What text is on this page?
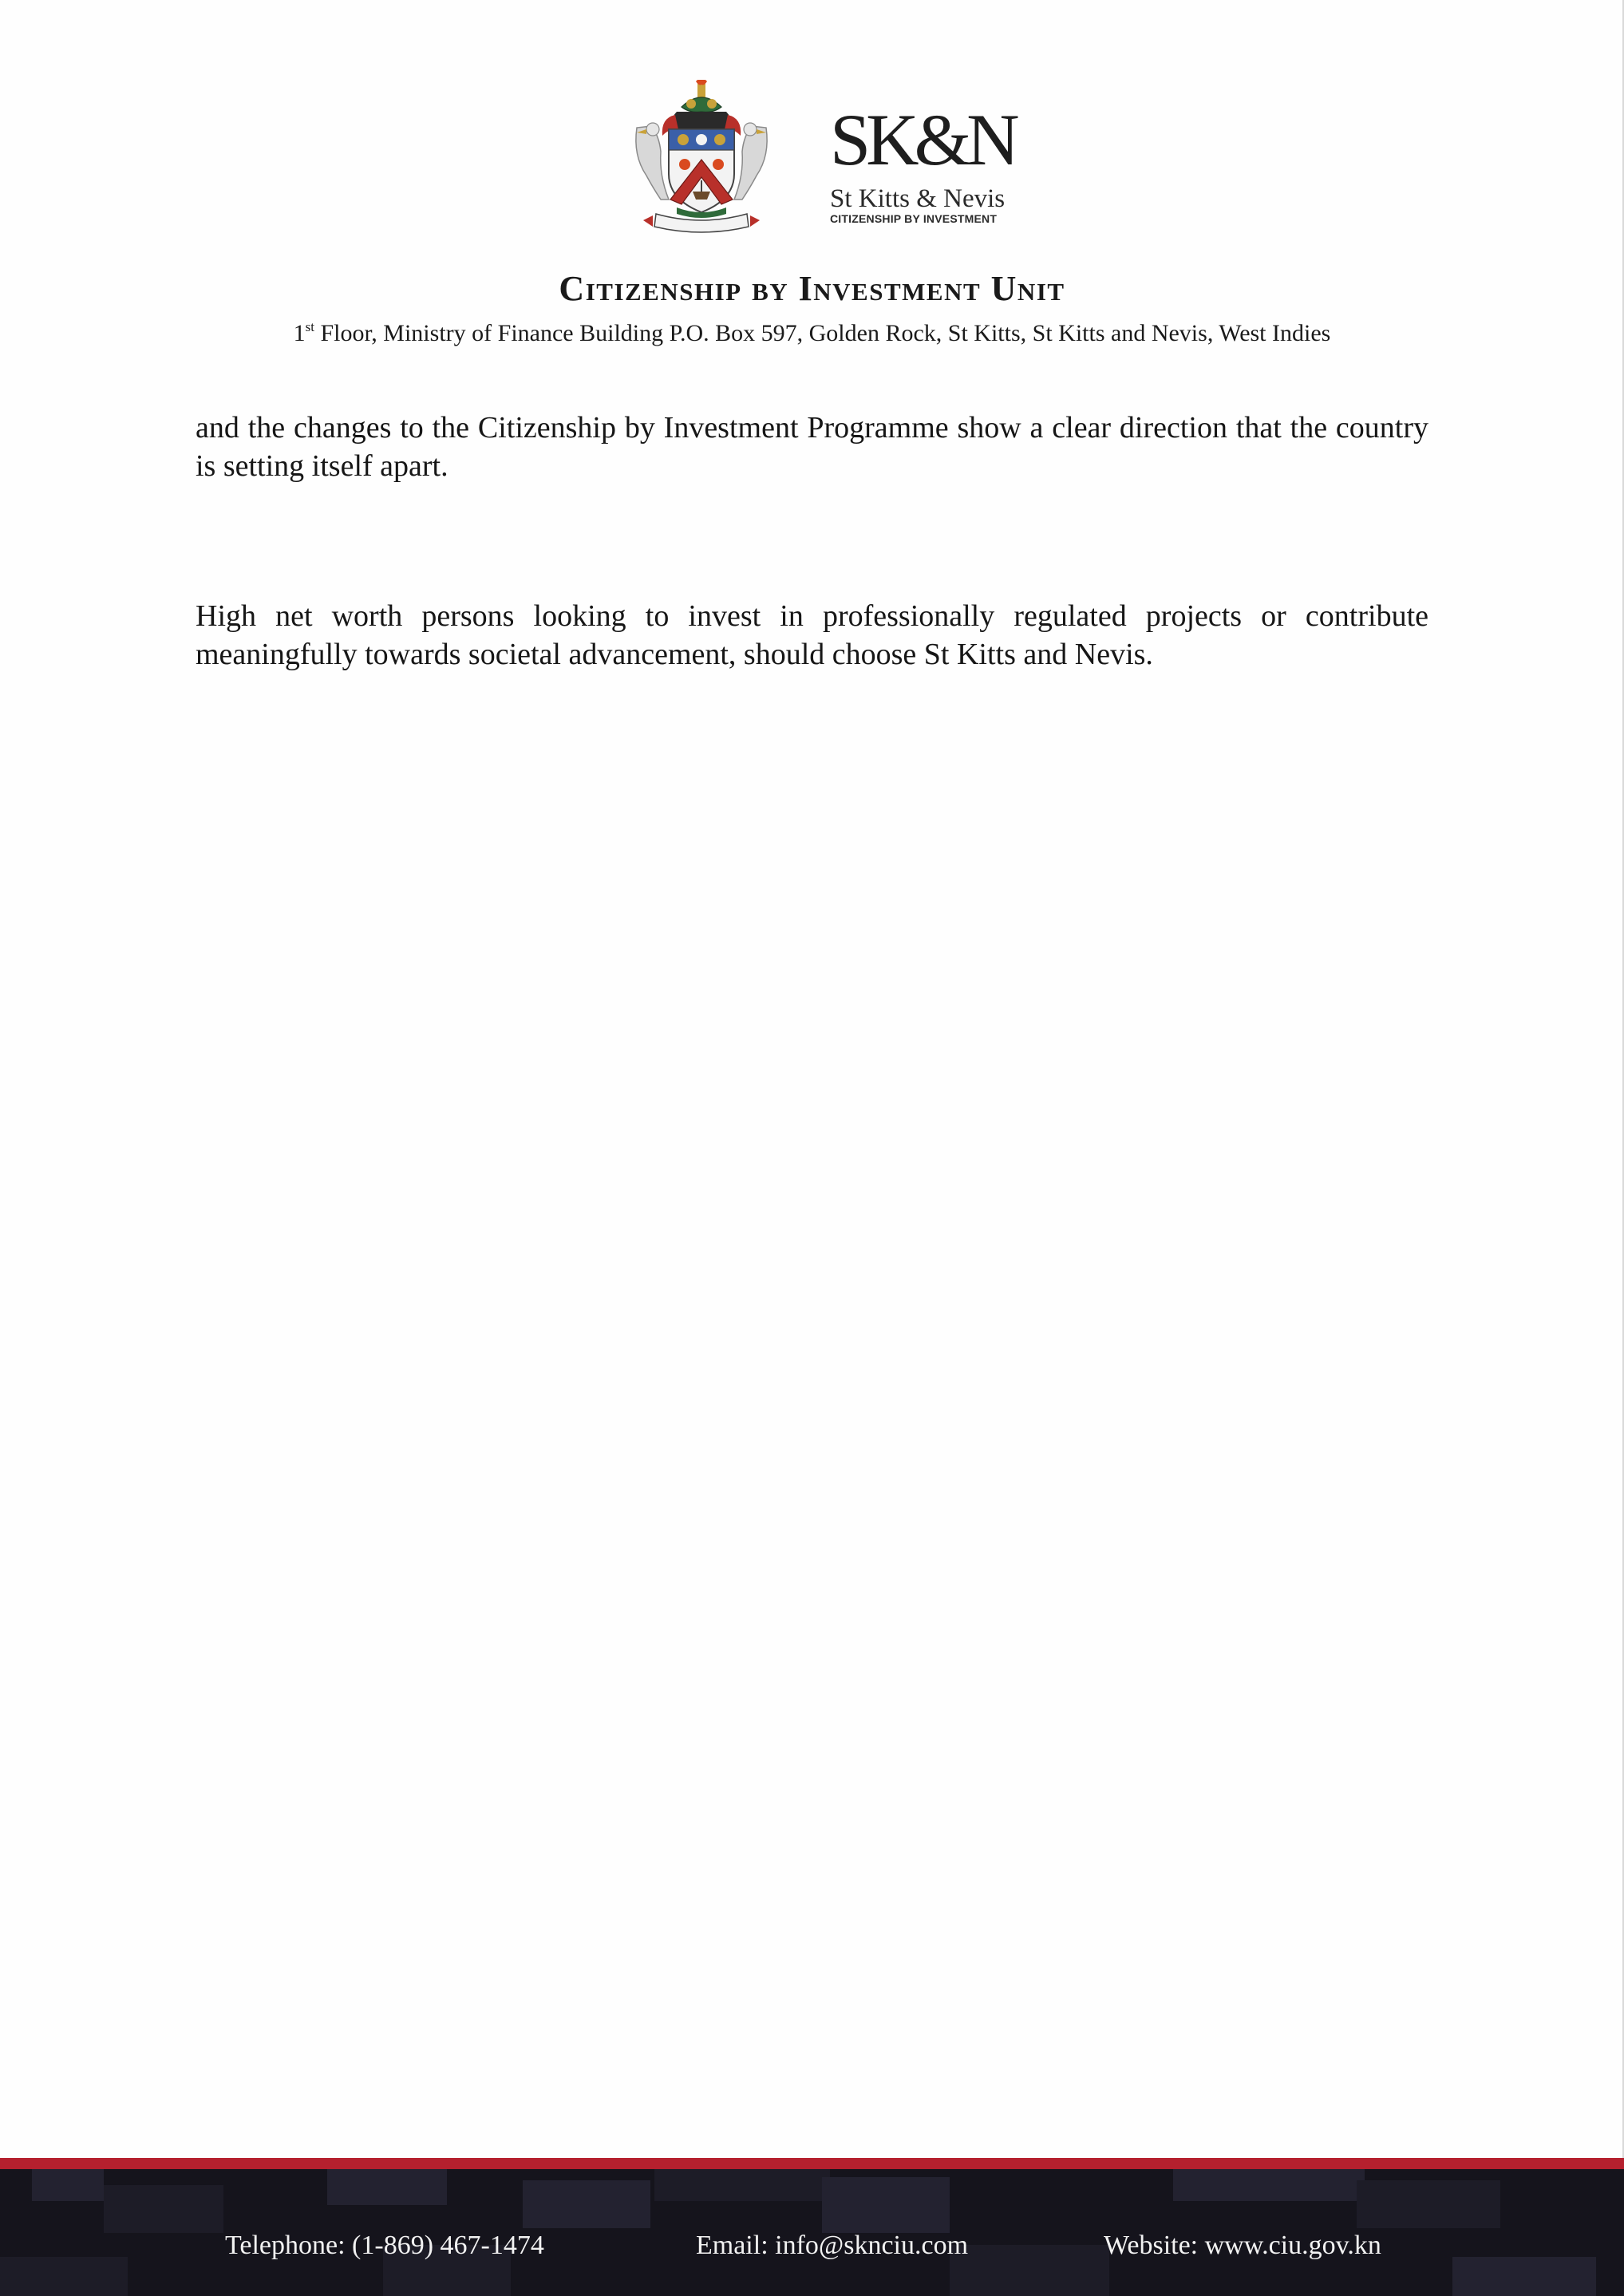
SK&N
St Kitts & Nevis
CITIZENSHIP BY INVESTMENT
Citizenship by Investment Unit
1st Floor, Ministry of Finance Building P.O. Box 597, Golden Rock, St Kitts, St Kitts and Nevis, West Indies

and the changes to the Citizenship by Investment Programme show a clear direction that the country is setting itself apart.

High net worth persons looking to invest in professionally regulated projects or contribute meaningfully towards societal advancement, should choose St Kitts and Nevis.

Telephone: (1-869) 467-1474	Email: info@sknciu.com	Website: www.ciu.gov.kn
